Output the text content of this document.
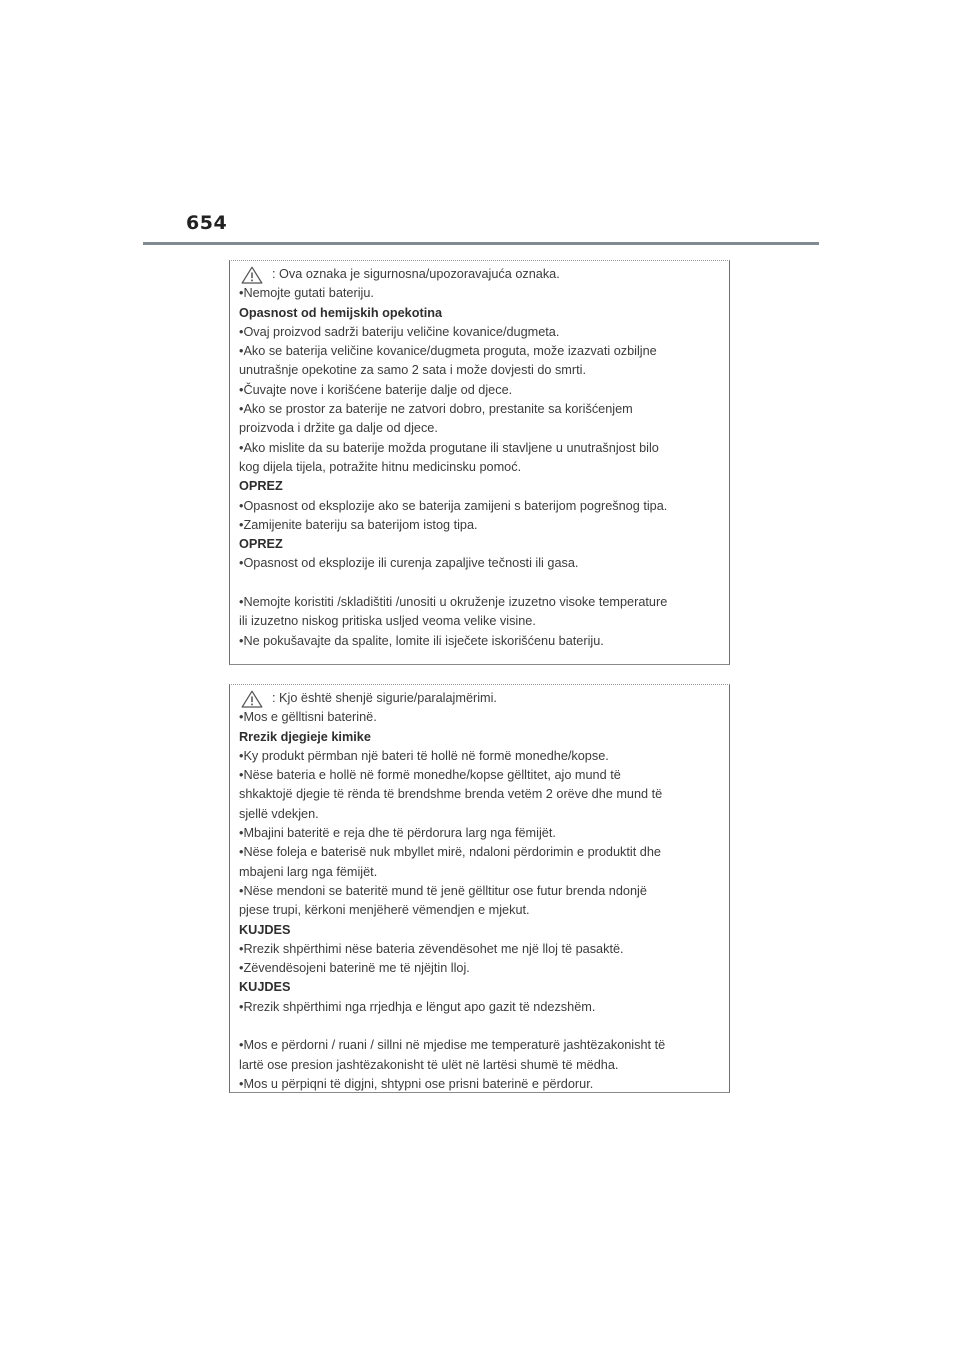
654
: Ova oznaka je sigurnosna/upozoravajuća oznaka.
•Nemojte gutati bateriju.
Opasnost od hemijskih opekotina
•Ovaj proizvod sadrži bateriju veličine kovanice/dugmeta.
•Ako se baterija veličine kovanice/dugmeta proguta, može izazvati ozbiljne
unutrašnje opekotine za samo 2 sata i može dovjesti do smrti.
•Čuvajte nove i korišćene baterije dalje od djece.
•Ako se prostor za baterije ne zatvori dobro, prestanite sa korišćenjem
proizvoda i držite ga dalje od djece.
•Ako mislite da su baterije možda progutane ili stavljene u unutrašnjost bilo
kog dijela tijela, potražite hitnu medicinsku pomoć.
OPREZ
•Opasnost od eksplozije ako se baterija zamijeni s baterijom pogrešnog tipa.
•Zamijenite bateriju sa baterijom istog tipa.
OPREZ
•Opasnost od eksplozije ili curenja zapaljive tečnosti ili gasa.
•Nemojte koristiti /skladištiti /unositi u okruženje izuzetno visoke temperature
ili izuzetno niskog pritiska usljed veoma velike visine.
•Ne pokušavajte da spalite, lomite ili isječete iskorišćenu bateriju.
: Kjo është shenjë sigurie/paralajmërimi.
•Mos e gëlltisni baterinë.
Rrezik djegieje kimike
•Ky produkt përmban një bateri të hollë në formë monedhe/kopse.
•Nëse bateria e hollë në formë monedhe/kopse gëlltitet, ajo mund të
shkaktojë djegie të rënda të brendshme brenda vetëm 2 orëve dhe mund të
sjellë vdekjen.
•Mbajini bateritë e reja dhe të përdorura larg nga fëmijët.
•Nëse foleja e baterisë nuk mbyllet mirë, ndaloni përdorimin e produktit dhe
mbajeni larg nga fëmijët.
•Nëse mendoni se bateritë mund të jenë gëlltitur ose futur brenda ndonjë
pjese trupi, kërkoni menjëherë vëmendjen e mjekut.
KUJDES
•Rrezik shpërthimi nëse bateria zëvendësohet me një lloj të pasaktë.
•Zëvendësojeni baterinë me të njëjtin lloj.
KUJDES
•Rrezik shpërthimi nga rrjedhja e lëngut apo gazit të ndezshëm.
•Mos e përdorni / ruani / sillni në mjedise me temperaturë jashtëzakonisht të
lartë ose presion jashtëzakonisht të ulët në lartësi shumë të mëdha.
•Mos u përpiqni të digjni, shtypni ose prisni baterinë e përdorur.
